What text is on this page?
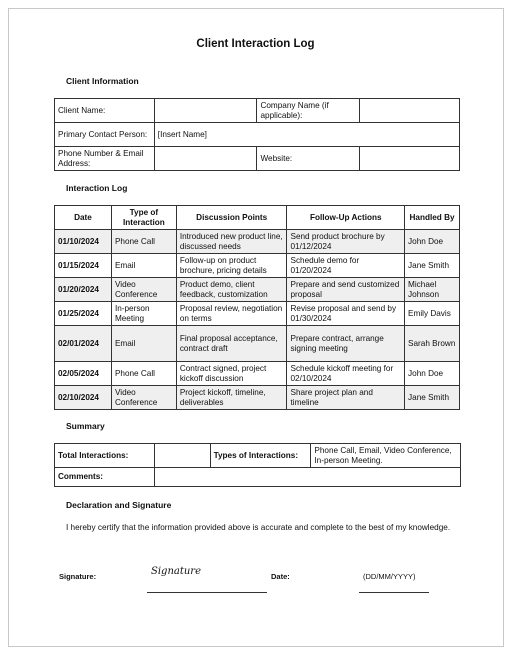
Client Interaction Log
Client Information
Client Name:		Company Name (if applicable):	
Primary Contact Person:	[Insert Name]		
Phone Number & Email Address:		Website:	
Interaction Log
Date	Type of Interaction	Discussion Points	Follow-Up Actions	Handled By
01/10/2024	Phone Call	Introduced new product line, discussed needs	Send product brochure by 01/12/2024	John Doe
01/15/2024	Email	Follow-up on product brochure, pricing details	Schedule demo for 01/20/2024	Jane Smith
01/20/2024	Video Conference	Product demo, client feedback, customization	Prepare and send customized proposal	Michael Johnson
01/25/2024	In-person Meeting	Proposal review, negotiation on terms	Revise proposal and send by 01/30/2024	Emily Davis
02/01/2024	Email	Final proposal acceptance, contract draft	Prepare contract, arrange signing meeting	Sarah Brown
02/05/2024	Phone Call	Contract signed, project kickoff discussion	Schedule kickoff meeting for 02/10/2024	John Doe
02/10/2024	Video Conference	Project kickoff, timeline, deliverables	Share project plan and timeline	Jane Smith
Summary
Total Interactions:		Types of Interactions:	Phone Call, Email, Video Conference, In-person Meeting.
Comments:			
Declaration and Signature
I hereby certify that the information provided above is accurate and complete to the best of my knowledge.
Signature:	Signature	Date:	(DD/MM/YYYY)
